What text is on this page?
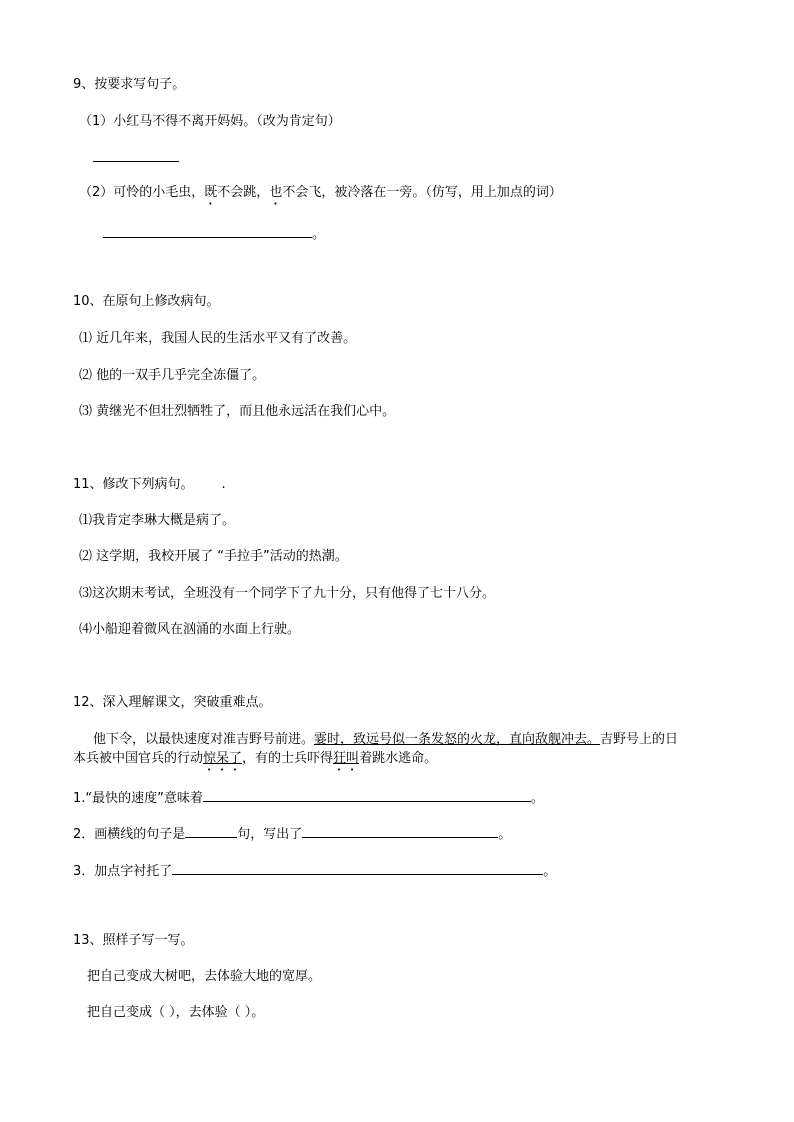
9、按要求写句子。
（1）小红马不得不离开妈妈。（改为肯定句）
（2）可怜的小毛虫，既不会跳，也不会飞，被冷落在一旁。（仿写，用上加点的词）
。
10、在原句上修改病句。
⑴ 近几年来，我国人民的生活水平又有了改善。
⑵ 他的一双手几乎完全冻僵了。
⑶ 黄继光不但壮烈牺牲了，而且他永远活在我们心中。
11、修改下列病句。 .
⑴我肯定李琳大概是病了。
⑵ 这学期，我校开展了 “手拉手”活动的热潮。
⑶这次期末考试，全班没有一个同学下了九十分，只有他得了七十八分。
⑷小船迎着微风在汹涌的水面上行驶。
12、深入理解课文，突破重难点。
他下令，以最快速度对准吉野号前进。霎时，致远号似一条发怒的火龙，直向敌舰冲去。吉野号上的日
本兵被中国官兵的行动惊呆了，有的士兵吓得狂叫着跳水逃命。
1.“最快的速度”意味着	。
2．画横线的句子是	句，写出了	。
3．加点字衬托了	。
13、照样子写一写。
把自己变成大树吧，去体验大地的宽厚。
把自己变成（ ），去体验（ ）。
